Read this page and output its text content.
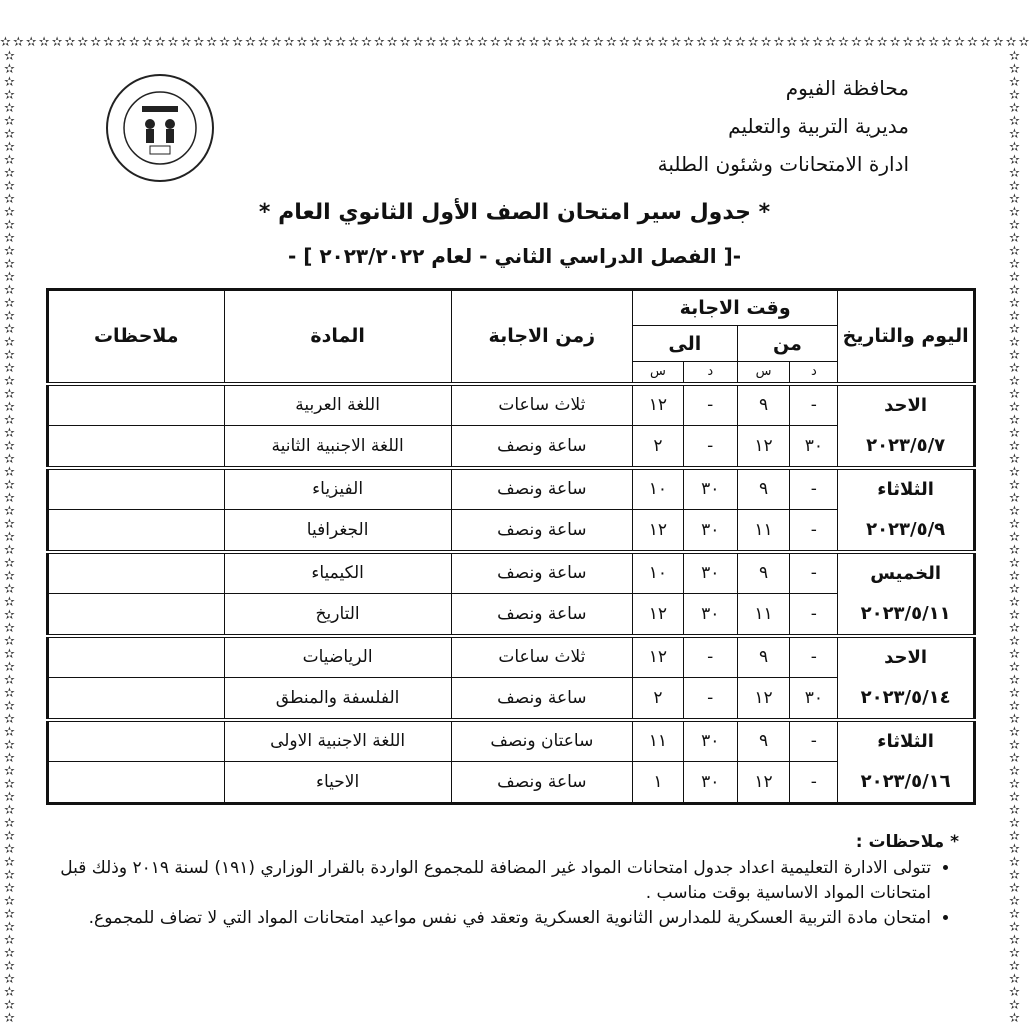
✫✫✫✫✫✫✫✫✫✫✫✫✫✫✫✫✫✫✫✫✫✫✫✫✫✫✫✫✫✫✫✫✫✫✫✫✫✫✫✫✫✫✫✫✫✫✫✫✫✫✫✫✫✫✫✫✫✫✫✫✫✫✫✫✫✫✫✫✫✫✫✫✫✫✫✫✫✫✫✫
✫✫✫✫✫✫✫✫✫✫✫✫✫✫✫✫✫✫✫✫✫✫✫✫✫✫✫✫✫✫✫✫✫✫✫✫✫✫✫✫✫✫✫✫✫✫✫✫✫✫✫✫✫✫✫✫✫✫✫✫✫✫✫✫✫✫✫✫✫✫✫✫✫✫✫
✫✫✫✫✫✫✫✫✫✫✫✫✫✫✫✫✫✫✫✫✫✫✫✫✫✫✫✫✫✫✫✫✫✫✫✫✫✫✫✫✫✫✫✫✫✫✫✫✫✫✫✫✫✫✫✫✫✫✫✫✫✫✫✫✫✫✫✫✫✫✫✫✫✫✫
محافظة الفيوم
مديرية التربية والتعليم
ادارة الامتحانات وشئون الطلبة
* جدول سير امتحان الصف الأول الثانوي العام *
-[ الفصل الدراسي الثاني - لعام ٢٠٢٣/٢٠٢٢ ] -
اليوم والتاريخ	وقت الاجابة				زمن الاجابة	المادة	ملاحظات
	من		الى				
	د	س	د	س			

الاحد
٢٠٢٣/٥/٧	-	٩	-	١٢	ثلاث ساعات	اللغة العربية	
	٣٠	١٢	-	٢	ساعة ونصف	اللغة الاجنبية الثانية	

الثلاثاء
٢٠٢٣/٥/٩	-	٩	٣٠	١٠	ساعة ونصف	الفيزياء	
	-	١١	٣٠	١٢	ساعة ونصف	الجغرافيا	

الخميس
٢٠٢٣/٥/١١	-	٩	٣٠	١٠	ساعة ونصف	الكيمياء	
	-	١١	٣٠	١٢	ساعة ونصف	التاريخ	

الاحد
٢٠٢٣/٥/١٤	-	٩	-	١٢	ثلاث ساعات	الرياضيات	
	٣٠	١٢	-	٢	ساعة ونصف	الفلسفة والمنطق	

الثلاثاء
٢٠٢٣/٥/١٦	-	٩	٣٠	١١	ساعتان ونصف	اللغة الاجنبية الاولى	
	-	١٢	٣٠	١	ساعة ونصف	الاحياء	
* ملاحظات :
• تتولى الادارة التعليمية اعداد جدول امتحانات المواد غير المضافة للمجموع الواردة بالقرار الوزاري (١٩١) لسنة ٢٠١٩ وذلك قبل امتحانات المواد الاساسية بوقت مناسب .
• امتحان مادة التربية العسكرية للمدارس الثانوية العسكرية وتعقد في نفس مواعيد امتحانات المواد التي لا تضاف للمجموع.
